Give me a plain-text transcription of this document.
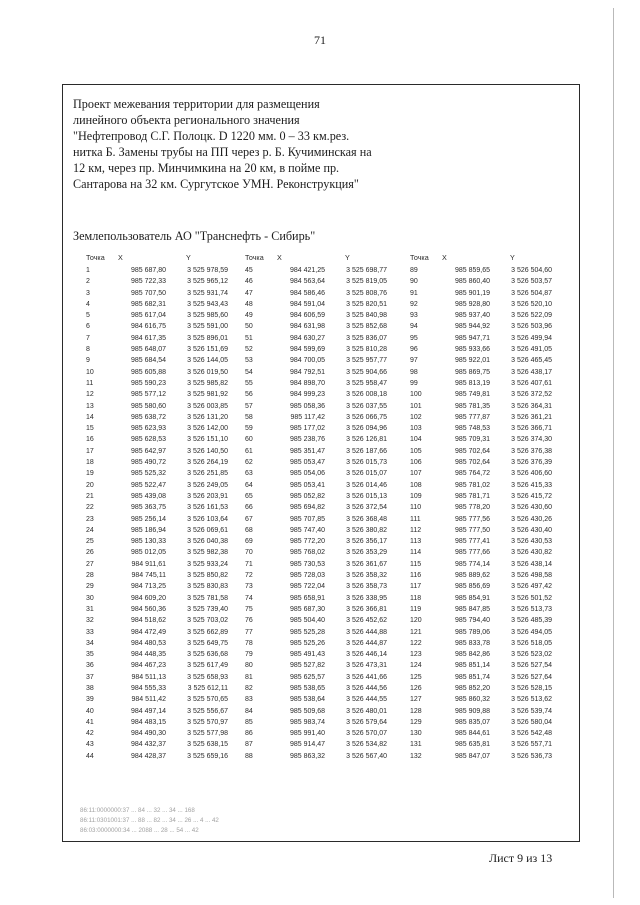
71
Проект межевания территории для размещения
линейного объекта регионального значения
"Нефтепровод С.Г. Полоцк. D 1220 мм. 0 – 33 км.рез.
нитка Б. Замены трубы на ПП через р. Б. Кучиминская на
12 км, через пр. Минчимкина на 20 км, в пойме пр.
Сантарова на 32 км. Сургутское УМН. Реконструкция"
Землепользователь АО "Транснефть - Сибирь"
Точка	X	Y
1	985 687,80	3 525 978,59
2	985 722,33	3 525 965,12
3	985 707,50	3 525 931,74
4	985 682,31	3 525 943,43
5	985 617,04	3 525 985,60
6	984 616,75	3 525 591,00
7	984 617,35	3 525 896,01
8	985 648,07	3 526 151,69
9	985 684,54	3 526 144,05
10	985 605,88	3 526 019,50
11	985 590,23	3 525 985,82
12	985 577,12	3 525 981,92
13	985 580,60	3 526 003,85
14	985 638,72	3 526 131,20
15	985 623,93	3 526 142,00
16	985 628,53	3 526 151,10
17	985 642,97	3 526 140,50
18	985 490,72	3 526 264,19
19	985 525,32	3 526 251,85
20	985 522,47	3 526 249,05
21	985 439,08	3 526 203,91
22	985 363,75	3 526 161,53
23	985 256,14	3 526 103,64
24	985 186,94	3 526 069,61
25	985 130,33	3 526 040,38
26	985 012,05	3 525 982,38
27	984 911,61	3 525 933,24
28	984 745,11	3 525 850,82
29	984 713,25	3 525 830,83
30	984 609,20	3 525 781,58
31	984 560,36	3 525 739,40
32	984 518,62	3 525 703,02
33	984 472,49	3 525 662,89
34	984 480,53	3 525 649,75
35	984 448,35	3 525 636,68
36	984 467,23	3 525 617,49
37	984 511,13	3 525 658,93
38	984 555,33	3 525 612,11
39	984 511,42	3 525 570,65
40	984 497,14	3 525 556,67
41	984 483,15	3 525 570,97
42	984 490,30	3 525 577,98
43	984 432,37	3 525 638,15
44	984 428,37	3 525 659,16
Точка	X	Y
45	984 421,25	3 525 698,77
46	984 563,64	3 525 819,05
47	984 586,46	3 525 808,76
48	984 591,04	3 525 820,51
49	984 606,59	3 525 840,98
50	984 631,98	3 525 852,68
51	984 630,27	3 525 836,07
52	984 599,69	3 525 810,28
53	984 700,05	3 525 957,77
54	984 792,51	3 525 904,66
55	984 898,70	3 525 958,47
56	984 999,23	3 526 008,18
57	985 058,36	3 526 037,55
58	985 117,42	3 526 066,75
59	985 177,02	3 526 094,96
60	985 238,76	3 526 126,81
61	985 351,47	3 526 187,66
62	985 053,47	3 526 015,73
63	985 054,06	3 526 015,07
64	985 053,41	3 526 014,46
65	985 052,82	3 526 015,13
66	985 694,82	3 526 372,54
67	985 707,85	3 526 368,48
68	985 747,40	3 526 380,82
69	985 772,20	3 526 356,17
70	985 768,02	3 526 353,29
71	985 730,53	3 526 361,67
72	985 728,03	3 526 358,32
73	985 722,04	3 526 358,73
74	985 658,91	3 526 338,95
75	985 687,30	3 526 366,81
76	985 504,40	3 526 452,62
77	985 525,28	3 526 444,88
78	985 525,26	3 526 444,87
79	985 491,43	3 526 446,14
80	985 527,82	3 526 473,31
81	985 625,57	3 526 441,66
82	985 538,65	3 526 444,56
83	985 538,64	3 526 444,55
84	985 509,68	3 526 480,01
85	985 983,74	3 526 579,64
86	985 991,40	3 526 570,07
87	985 914,47	3 526 534,82
88	985 863,32	3 526 567,40
Точка	X	Y
89	985 859,65	3 526 504,60
90	985 860,40	3 526 503,57
91	985 901,19	3 526 504,87
92	985 928,80	3 526 520,10
93	985 937,40	3 526 522,09
94	985 944,92	3 526 503,96
95	985 947,71	3 526 499,94
96	985 933,66	3 526 491,05
97	985 922,01	3 526 465,45
98	985 869,75	3 526 438,17
99	985 813,19	3 526 407,61
100	985 749,81	3 526 372,52
101	985 781,35	3 526 364,31
102	985 777,87	3 526 361,21
103	985 748,53	3 526 366,71
104	985 709,31	3 526 374,30
105	985 702,64	3 526 376,38
106	985 702,64	3 526 376,39
107	985 764,72	3 526 406,60
108	985 781,02	3 526 415,33
109	985 781,71	3 526 415,72
110	985 778,20	3 526 430,60
111	985 777,56	3 526 430,26
112	985 777,50	3 526 430,40
113	985 777,41	3 526 430,53
114	985 777,66	3 526 430,82
115	985 774,14	3 526 438,14
116	985 889,62	3 526 498,58
117	985 856,69	3 526 497,42
118	985 854,91	3 526 501,52
119	985 847,85	3 526 513,73
120	985 794,40	3 526 485,39
121	985 789,06	3 526 494,05
122	985 833,78	3 526 518,05
123	985 842,86	3 526 523,02
124	985 851,14	3 526 527,54
125	985 851,74	3 526 527,64
126	985 852,20	3 526 528,15
127	985 860,32	3 526 513,62
128	985 909,88	3 526 539,74
129	985 835,07	3 526 580,04
130	985 844,61	3 526 542,48
131	985 635,81	3 526 557,71
132	985 847,07	3 526 536,73
86:11:0000000:37 ... 84 ... 32 ... 34 ... 168
86:11:0301001:37 ... 88 ... 82 ... 34 ... 26 ... 4 ... 42
86:03:0000000:34 ... 2088 ... 28 ... 54 ... 42
Лист 9 из 13
